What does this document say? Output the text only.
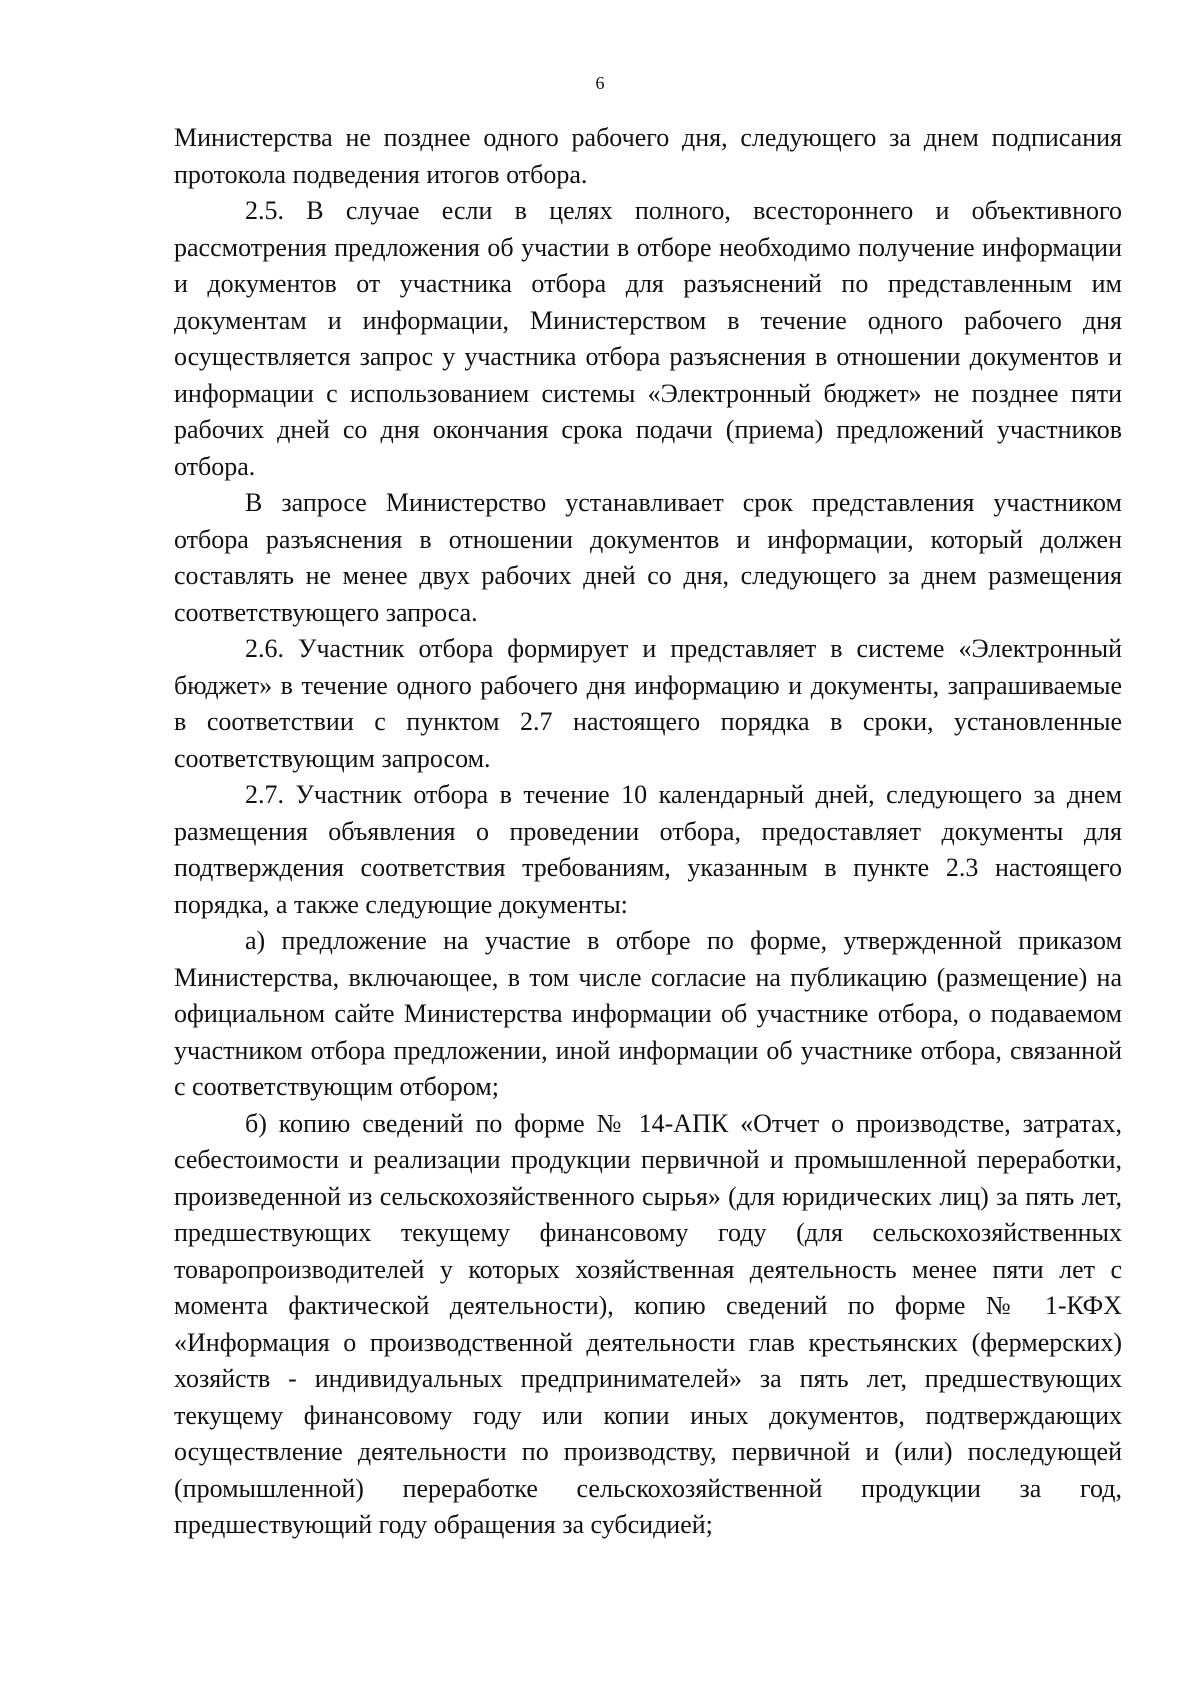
6

Министерства не позднее одного рабочего дня, следующего за днем подписания протокола подведения итогов отбора.

2.5. В случае если в целях полного, всестороннего и объективного рассмотрения предложения об участии в отборе необходимо получение информации и документов от участника отбора для разъяснений по представленным им документам и информации, Министерством в течение одного рабочего дня осуществляется запрос у участника отбора разъяснения в отношении документов и информации с использованием системы «Электронный бюджет» не позднее пяти рабочих дней со дня окончания срока подачи (приема) предложений участников отбора.

В запросе Министерство устанавливает срок представления участником отбора разъяснения в отношении документов и информации, который должен составлять не менее двух рабочих дней со дня, следующего за днем размещения соответствующего запроса.

2.6. Участник отбора формирует и представляет в системе «Электронный бюджет» в течение одного рабочего дня информацию и документы, запрашиваемые в соответствии с пунктом 2.7 настоящего порядка в сроки, установленные соответствующим запросом.

2.7. Участник отбора в течение 10 календарный дней, следующего за днем размещения объявления о проведении отбора, предоставляет документы для подтверждения соответствия требованиям, указанным в пункте 2.3 настоящего порядка, а также следующие документы:

а) предложение на участие в отборе по форме, утвержденной приказом Министерства, включающее, в том числе согласие на публикацию (размещение) на официальном сайте Министерства информации об участнике отбора, о подаваемом участником отбора предложении, иной информации об участнике отбора, связанной с соответствующим отбором;

б) копию сведений по форме № 14-АПК «Отчет о производстве, затратах, себестоимости и реализации продукции первичной и промышленной переработки, произведенной из сельскохозяйственного сырья» (для юридических лиц) за пять лет, предшествующих текущему финансовому году (для сельскохозяйственных товаропроизводителей у которых хозяйственная деятельность менее пяти лет с момента фактической деятельности), копию сведений по форме № 1-КФХ «Информация о производственной деятельности глав крестьянских (фермерских) хозяйств - индивидуальных предпринимателей» за пять лет, предшествующих текущему финансовому году или копии иных документов, подтверждающих осуществление деятельности по производству, первичной и (или) последующей (промышленной) переработке сельскохозяйственной продукции за год, предшествующий году обращения за субсидией;
